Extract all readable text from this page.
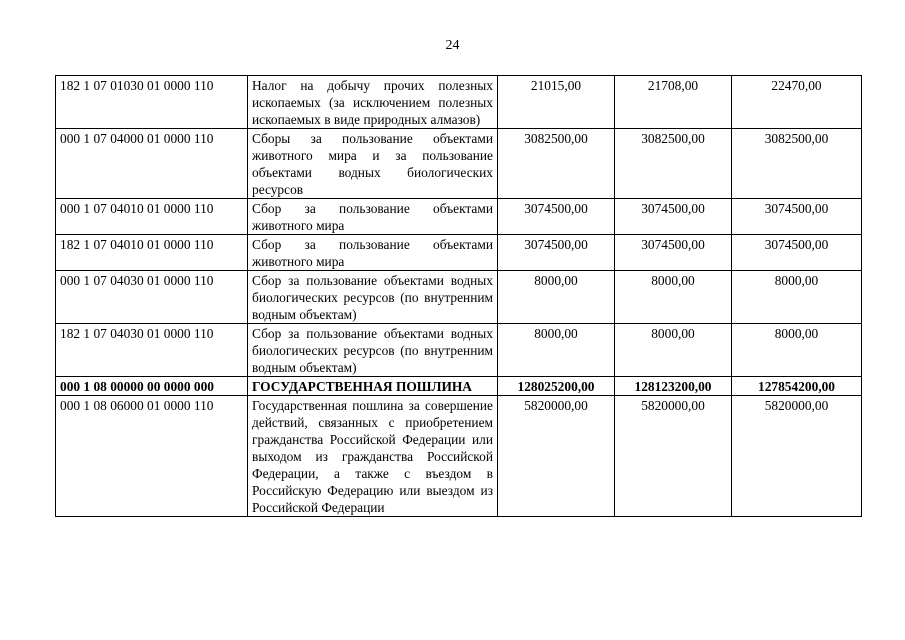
24
182 1 07 01030 01 0000 110	Налог на добычу прочих полезных ископаемых (за исключением полезных ископаемых в виде природных алмазов)	21015,00	21708,00	22470,00
000 1 07 04000 01 0000 110	Сборы за пользование объектами животного мира и за пользование объектами водных биологических ресурсов	3082500,00	3082500,00	3082500,00
000 1 07 04010 01 0000 110	Сбор за пользование объектами животного мира	3074500,00	3074500,00	3074500,00
182 1 07 04010 01 0000 110	Сбор за пользование объектами животного мира	3074500,00	3074500,00	3074500,00
000 1 07 04030 01 0000 110	Сбор за пользование объектами водных биологических ресурсов (по внутренним водным объектам)	8000,00	8000,00	8000,00
182 1 07 04030 01 0000 110	Сбор за пользование объектами водных биологических ресурсов (по внутренним водным объектам)	8000,00	8000,00	8000,00
000 1 08 00000 00 0000 000	ГОСУДАРСТВЕННАЯ ПОШЛИНА	128025200,00	128123200,00	127854200,00
000 1 08 06000 01 0000 110	Государственная пошлина за совершение действий, связанных с приобретением гражданства Российской Федерации или выходом из гражданства Российской Федерации, а также с въездом в Российскую Федерацию или выездом из Российской Федерации	5820000,00	5820000,00	5820000,00
